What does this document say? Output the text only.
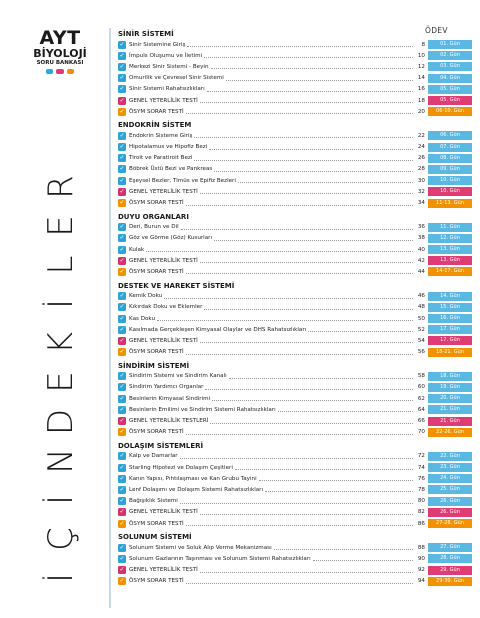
AYT
BİYOLOJİ
SORU BANKASI

İ
Ç
İ
N
D
E
K
İ
L
E
R
ÖDEV
SİNİR SİSTEMİ
✓ Sinir Sistemine Giriş	8	01. Gün
✓ İmpuls Oluşumu ve İletimi	10	02. Gün
✓ Merkezi Sinir Sistemi - Beyin	12	03. Gün
✓ Omurilik ve Çevresel Sinir Sistemi	14	04. Gün
✓ Sinir Sistemi Rahatsızlıkları	16	05. Gün
✓ GENEL YETERLİLİK TESTİ	18	05. Gün
✓ ÖSYM SORAR TESTİ	20	06-10. Gün
ENDOKRİN SİSTEM
✓ Endokrin Sisteme Giriş	22	06. Gün
✓ Hipotalamus ve Hipofiz Bezi	24	07. Gün
✓ Tiroit ve Paratiroit Bezi	26	08. Gün
✓ Böbrek Üstü Bezi ve Pankreas	28	09. Gün
✓ Eşeysel Bezler, Timüs ve Epifiz Bezleri	30	10. Gün
✓ GENEL YETERLİLİK TESTİ	32	10. Gün
✓ ÖSYM SORAR TESTİ	34	11-13. Gün
DUYU ORGANLARI
✓ Deri, Burun ve Dil	36	11. Gün
✓ Göz ve Görme (Göz) Kusurları	38	12. Gün
✓ Kulak	40	13. Gün
✓ GENEL YETERLİLİK TESTİ	42	13. Gün
✓ ÖSYM SORAR TESTİ	44	14-17. Gün
DESTEK VE HAREKET SİSTEMİ
✓ Kemik Doku	46	14. Gün
✓ Kıkırdak Doku ve Eklemler	48	15. Gün
✓ Kas Doku	50	16. Gün
✓ Kasılmada Gerçekleşen Kimyasal Olaylar ve DHS Rahatsızlıkları	52	17. Gün
✓ GENEL YETERLİLİK TESTİ	54	17. Gün
✓ ÖSYM SORAR TESTİ	56	18-21. Gün
SİNDİRİM SİSTEMİ
✓ Sindirim Sistemi ve Sindirim Kanalı	58	18. Gün
✓ Sindirim Yardımcı Organlar	60	19. Gün
✓ Besinlerin Kimyasal Sindirimi	62	20. Gün
✓ Besinlerin Emilimi ve Sindirim Sistemi Rahatsızlıkları	64	21. Gün
✓ GENEL YETERLİLİK TESTLERİ	66	21. Gün
✓ ÖSYM SORAR TESTİ	70	22-26. Gün
DOLAŞIM SİSTEMLERİ
✓ Kalp ve Damarlar	72	22. Gün
✓ Starling Hipotezi ve Dolaşım Çeşitleri	74	23. Gün
✓ Kanın Yapısı, Pıhtılaşması ve Kan Grubu Tayini	76	24. Gün
✓ Lenf Dolaşımı ve Dolaşım Sistemi Rahatsızlıkları	78	25. Gün
✓ Bağışıklık Sistemi	80	26. Gün
✓ GENEL YETERLİLİK TESTİ	82	26. Gün
✓ ÖSYM SORAR TESTİ	86	27-28. Gün
SOLUNUM SİSTEMİ
✓ Solunum Sistemi ve Soluk Alıp Verme Mekanizması	88	27. Gün
✓ Solunum Gazlarının Taşınması ve Solunum Sistemi Rahatsızlıkları	90	28. Gün
✓ GENEL YETERLİLİK TESTİ	92	29. Gün
✓ ÖSYM SORAR TESTİ	94	29-30. Gün
